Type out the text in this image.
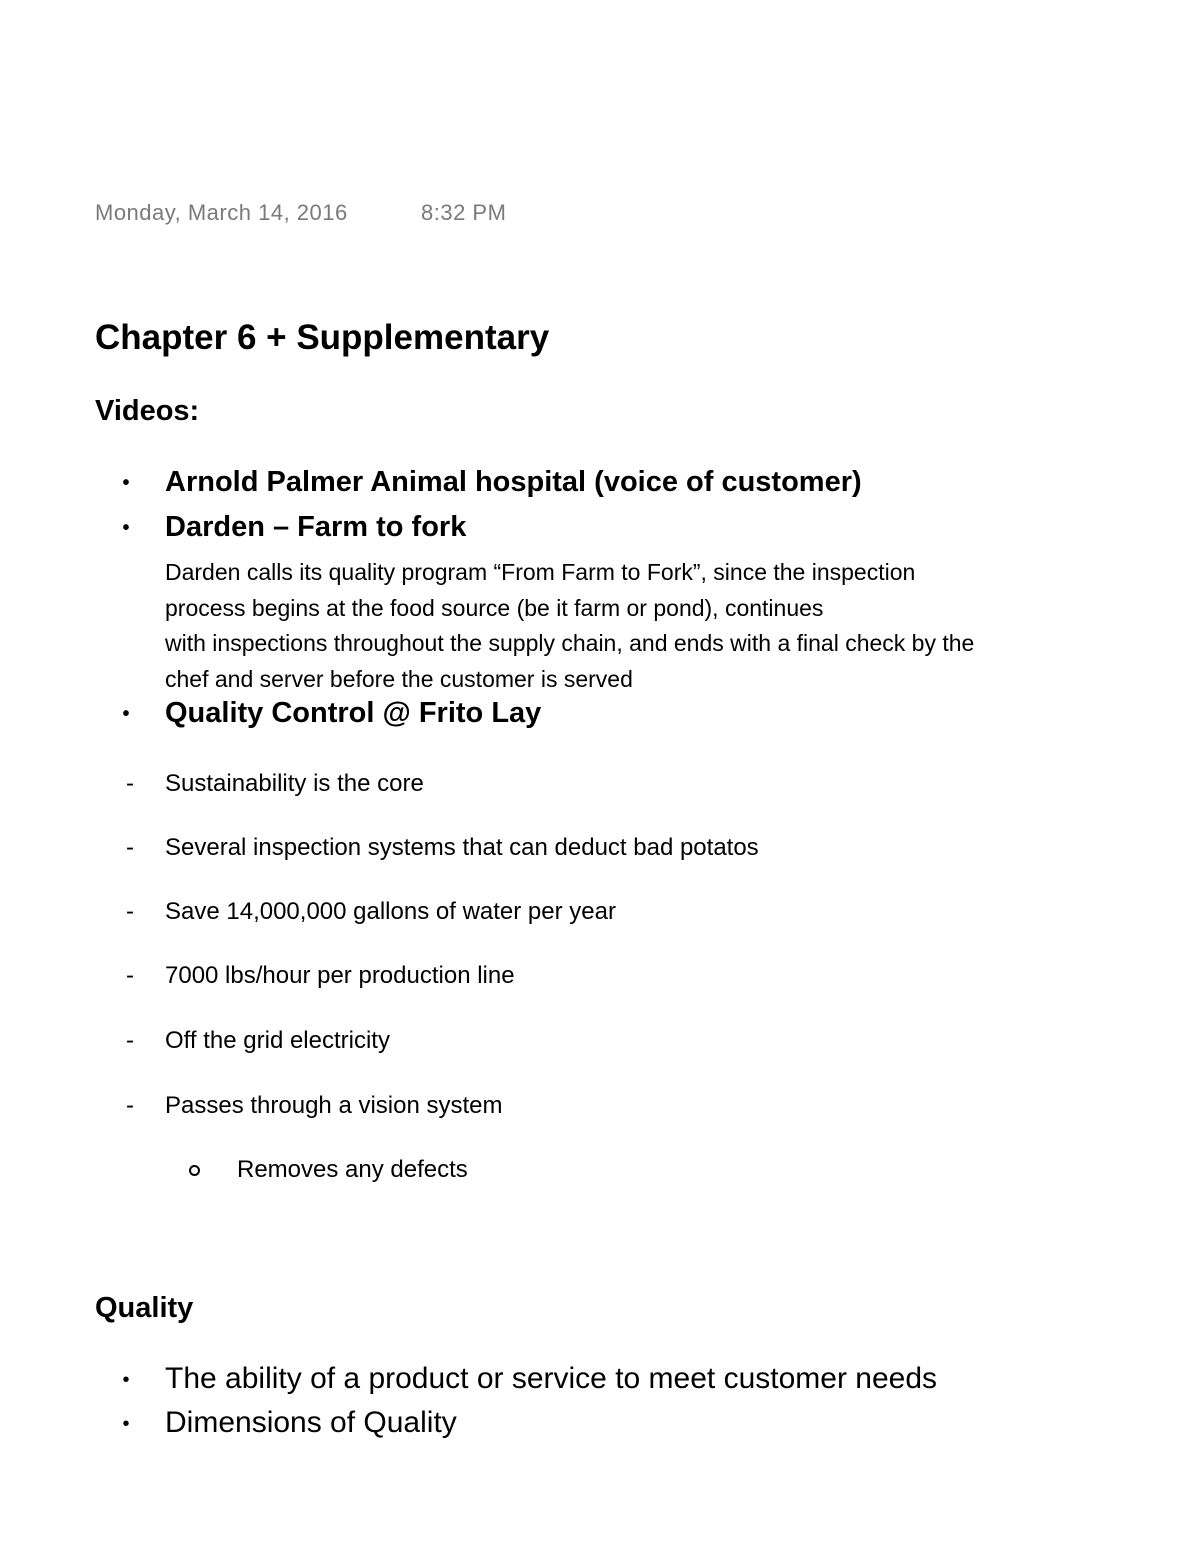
Monday, March 14, 2016	8:32 PM
Chapter 6 + Supplementary
Videos:
• Arnold Palmer Animal hospital (voice of customer)
• Darden – Farm to fork
Darden calls its quality program “From Farm to Fork”, since the inspection
process begins at the food source (be it farm or pond), continues
with inspections throughout the supply chain, and ends with a final check by the
chef and server before the customer is served
• Quality Control @ Frito Lay
- Sustainability is the core
- Several inspection systems that can deduct bad potatos
- Save 14,000,000 gallons of water per year
- 7000 lbs/hour per production line
- Off the grid electricity
- Passes through a vision system
Removes any defects
Quality
• The ability of a product or service to meet customer needs
• Dimensions of Quality
